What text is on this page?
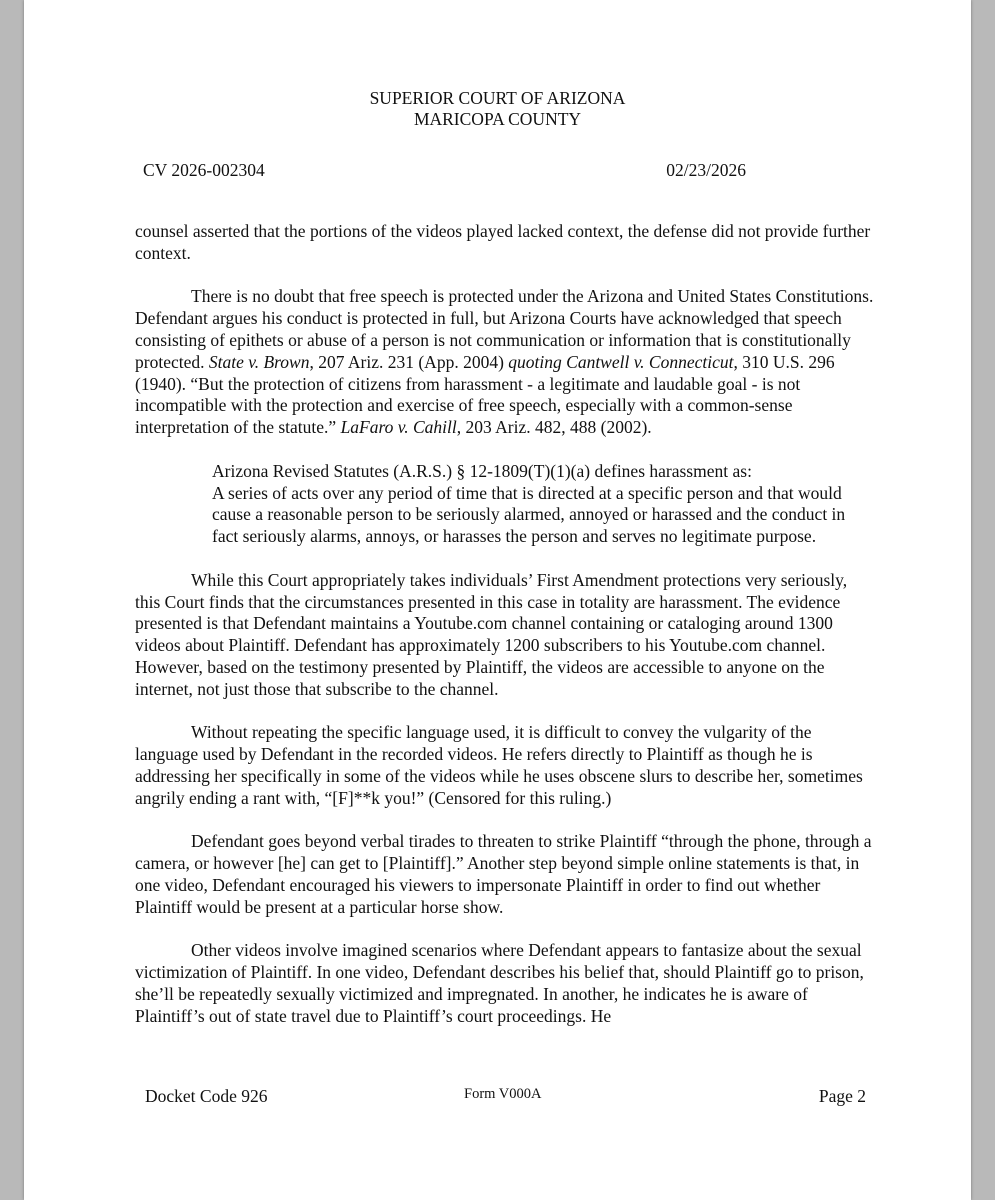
SUPERIOR COURT OF ARIZONA
MARICOPA COUNTY
CV 2026-002304	02/23/2026

counsel asserted that the portions of the videos played lacked context, the defense did not provide further context.

There is no doubt that free speech is protected under the Arizona and United States Constitutions. Defendant argues his conduct is protected in full, but Arizona Courts have acknowledged that speech consisting of epithets or abuse of a person is not communication or information that is constitutionally protected. State v. Brown, 207 Ariz. 231 (App. 2004) quoting Cantwell v. Connecticut, 310 U.S. 296 (1940). “But the protection of citizens from harassment - a legitimate and laudable goal - is not incompatible with the protection and exercise of free speech, especially with a common-sense interpretation of the statute.” LaFaro v. Cahill, 203 Ariz. 482, 488 (2002).

Arizona Revised Statutes (A.R.S.) § 12-1809(T)(1)(a) defines harassment as:
A series of acts over any period of time that is directed at a specific person and that would cause a reasonable person to be seriously alarmed, annoyed or harassed and the conduct in fact seriously alarms, annoys, or harasses the person and serves no legitimate purpose.

While this Court appropriately takes individuals’ First Amendment protections very seriously, this Court finds that the circumstances presented in this case in totality are harassment. The evidence presented is that Defendant maintains a Youtube.com channel containing or cataloging around 1300 videos about Plaintiff. Defendant has approximately 1200 subscribers to his Youtube.com channel. However, based on the testimony presented by Plaintiff, the videos are accessible to anyone on the internet, not just those that subscribe to the channel.

Without repeating the specific language used, it is difficult to convey the vulgarity of the language used by Defendant in the recorded videos. He refers directly to Plaintiff as though he is addressing her specifically in some of the videos while he uses obscene slurs to describe her, sometimes angrily ending a rant with, “[F]**k you!” (Censored for this ruling.)

Defendant goes beyond verbal tirades to threaten to strike Plaintiff “through the phone, through a camera, or however [he] can get to [Plaintiff].” Another step beyond simple online statements is that, in one video, Defendant encouraged his viewers to impersonate Plaintiff in order to find out whether Plaintiff would be present at a particular horse show.

Other videos involve imagined scenarios where Defendant appears to fantasize about the sexual victimization of Plaintiff. In one video, Defendant describes his belief that, should Plaintiff go to prison, she’ll be repeatedly sexually victimized and impregnated. In another, he indicates he is aware of Plaintiff’s out of state travel due to Plaintiff’s court proceedings. He

Docket Code 926	Form V000A	Page 2
